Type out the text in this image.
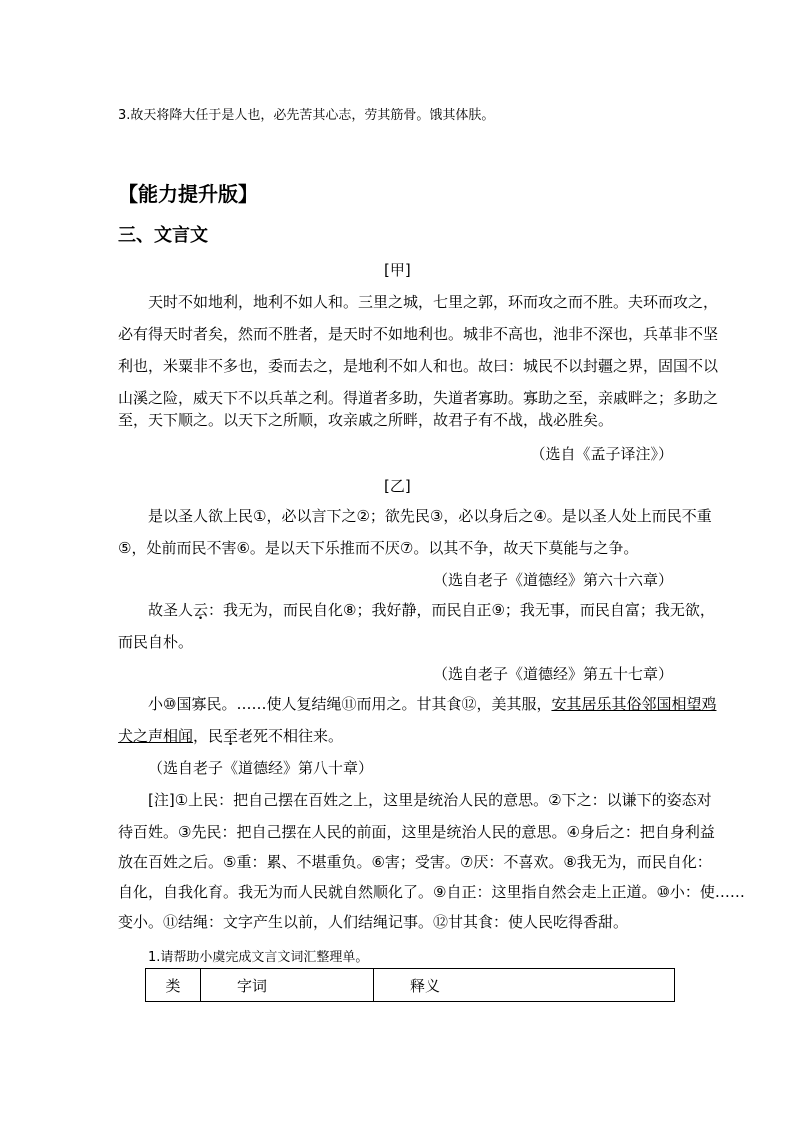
3.故天将降大任于是人也，必先苦其心志，劳其筋骨。饿其体肤。
【能力提升版】
三、文言文
[甲]
天时不如地利，地利不如人和。三里之城，七里之郭，环而攻之而不胜。夫环而攻之，
必有得天时者矣，然而不胜者，是天时不如地利也。城非不高也，池非不深也，兵革非不坚
利也，米粟非不多也，委而去之，是地利不如人和也。故曰：城民不以封疆之界，固国不以
山溪之险，威天下不以兵革之利。得道者多助，失道者寡助。寡助之至，亲戚畔之；多助之
至，天下顺之。以天下之所顺，攻亲戚之所畔，故君子有不战，战必胜矣。
（选自《孟子译注》）
[乙]
是以圣人欲上民①，必以言下之②；欲先民③，必以身后之④。是以圣人处上而民不重
⑤，处前而民不害⑥。是以天下乐推而不厌⑦。以其不争，故天下莫能与之争。
（选自老子《道德经》第六十六章）
故圣人云：我无为，而民自化⑧；我好静，而民自正⑨；我无事，而民自富；我无欲，
而民自朴。
（选自老子《道德经》第五十七章）
小⑩国寡民。……使人复结绳⑪而用之。甘其食⑫，美其服，安其居乐其俗邻国相望鸡
犬之声相闻，民至老死不相往来。
（选自老子《道德经》第八十章）
[注]①上民：把自己摆在百姓之上，这里是统治人民的意思。②下之：以谦下的姿态对
待百姓。③先民：把自己摆在人民的前面，这里是统治人民的意思。④身后之：把自身利益
放在百姓之后。⑤重：累、不堪重负。⑥害；受害。⑦厌：不喜欢。⑧我无为，而民自化：
自化，自我化育。我无为而人民就自然顺化了。⑨自正：这里指自然会走上正道。⑩小：使……
变小。⑪结绳：文字产生以前，人们结绳记事。⑫甘其食：使人民吃得香甜。
1.请帮助小虞完成文言文词汇整理单。
类	字词	释义
